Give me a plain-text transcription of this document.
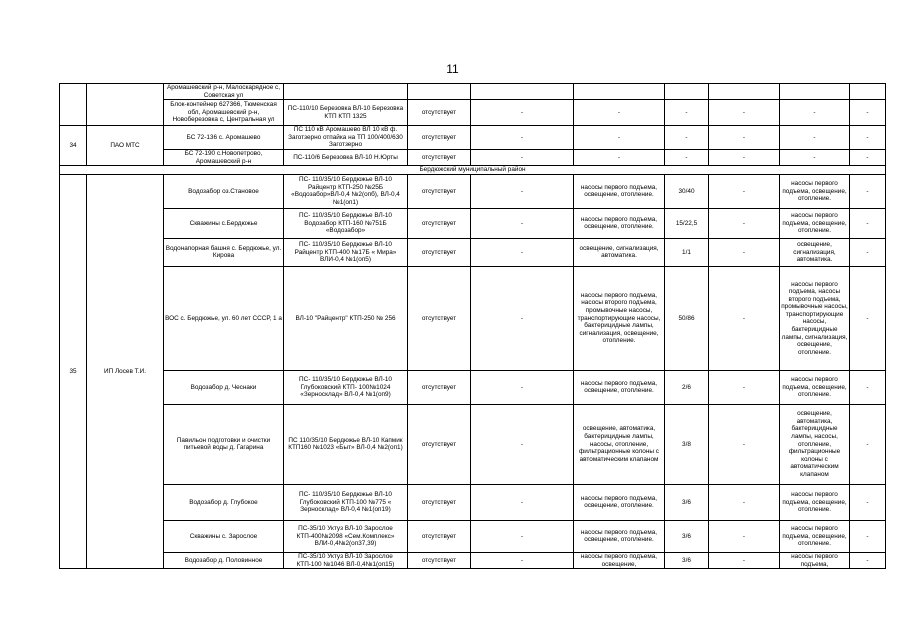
11
		Аромашевский р-н, Малоскарядное с, Советская ул								
		Блок-контейнер 627366, Тюменская обл, Аромашевский р-н, Новоберезовка с, Центральная ул	ПС-110/10 Березовка ВЛ-10 Березовка КТП КТП 1325	отсутствует	-	-	-	-	-	-
34	ПАО МТС	БС 72-136 с. Аромашево	ПС 110 кВ Аромашево ВЛ 10 кВ ф. Заготзерно отпайка на ТП 100/400/630 Заготзерно	отсутствует	-	-	-	-	-	-
		БС 72-190 с.Новопетрово, Аромашевский р-н	ПС-110/6 Березовка ВЛ-10 Н.Юрты	отсутствует	-	-	-	-	-	-
Бердюжский муниципальный район										
35	ИП Лосев Т.И.	Водозабор оз.Становое	ПС- 110/35/10 Бердюжье ВЛ-10 Райцентр КТП-250 №25Б «Водозабор»ВЛ-0,4 №2(опб), ВЛ-0,4 №1(оп1)	отсутствует	-	насосы первого подъема, освещение, отопление.	30/40	-	насосы первого подъема, освещение, отопление.	-
		Скважины с.Бердюжье	ПС- 110/35/10 Бердюжье ВЛ-10 Водозабор КТП-160 №751Б «Водозабор»	отсутствует	-	насосы первого подъема, освещение, отопление.	15/22,5	-	насосы первого подъема, освещение, отопление.	-
		Водонапорная башня с. Бердюжье, ул. Кирова	ПС- 110/35/10 Бердюжье ВЛ-10 Райцентр КТП-400 №17Б « Мира» ВЛИ-0,4 №1(оп5)	отсутствует	-	освещение, сигнализация, автоматика.	1/1	-	освещение, сигнализация, автоматика.	-
		ВОС с. Бердюжье, ул. 60 лет СССР, 1 а	ВЛ-10 "Райцентр" КТП-250 № 256	отсутствует	-	насосы первого подъема, насосы второго подъема, промывочные насосы, транспортирующие насосы, бактерицидные лампы, сигнализация, освещение, отопление.	50/86	-	насосы первого подъема, насосы второго подъема, промывочные насосы, транспортирующие насосы, бактерицидные лампы, сигнализация, освещение, отопление.	-
		Водозабор д. Чеснаки	ПС- 110/35/10 Бердюжье ВЛ-10 Глубоковский КТП- 100№1024 «Зерносклад» ВЛ-0,4 №1(оп9)	отсутствует	-	насосы первого подъема, освещение, отопление.	2/6	-	насосы первого подъема, освещение, отопление.	-
		Павильон подготовки и очистки питьевой воды д. Гагарина	ПС 110/35/10 Бердюжье ВЛ-10 Капмик КТП160 №1023 «Быт» ВЛ-0,4 №2(оп1)	отсутствует	-	освещение, автоматика, бактерицидные лампы, насосы, отопление, фильтрационные колоны с автоматическим клапаном	3/8	-	освещение, автоматика, бактерицидные лампы, насосы, отопление, фильтрационные колоны с автоматическим клапаном	-
		Водозабор д. Глубокое	ПС- 110/35/10 Бердюжье ВЛ-10 Глубоковский КТП-100 №775 « Зерносклад» ВЛ-0,4 №1(оп19)	отсутствует	-	насосы первого подъема, освещение, отопление.	3/6	-	насосы первого подъема, освещение, отопление.	-
		Скважины с. Зарослое	ПС-35/10 Уктуз ВЛ-10 Зарослое КТП-400№2098 «Сем.Комплекс» ВЛИ-0,4№2(оп37,39)	отсутствует	-	насосы первого подъема, освещение, отопление.	3/6	-	насосы первого подъема, освещение, отопление.	-
		Водозабор д. Половинное	ПС-35/10 Уктуз ВЛ-10 Зарослое КТП-100 №1046 ВЛ-0,4№1(оп15)	отсутствует	-	насосы первого подъема, освещение,	3/6	-	насосы первого подъема,	-
